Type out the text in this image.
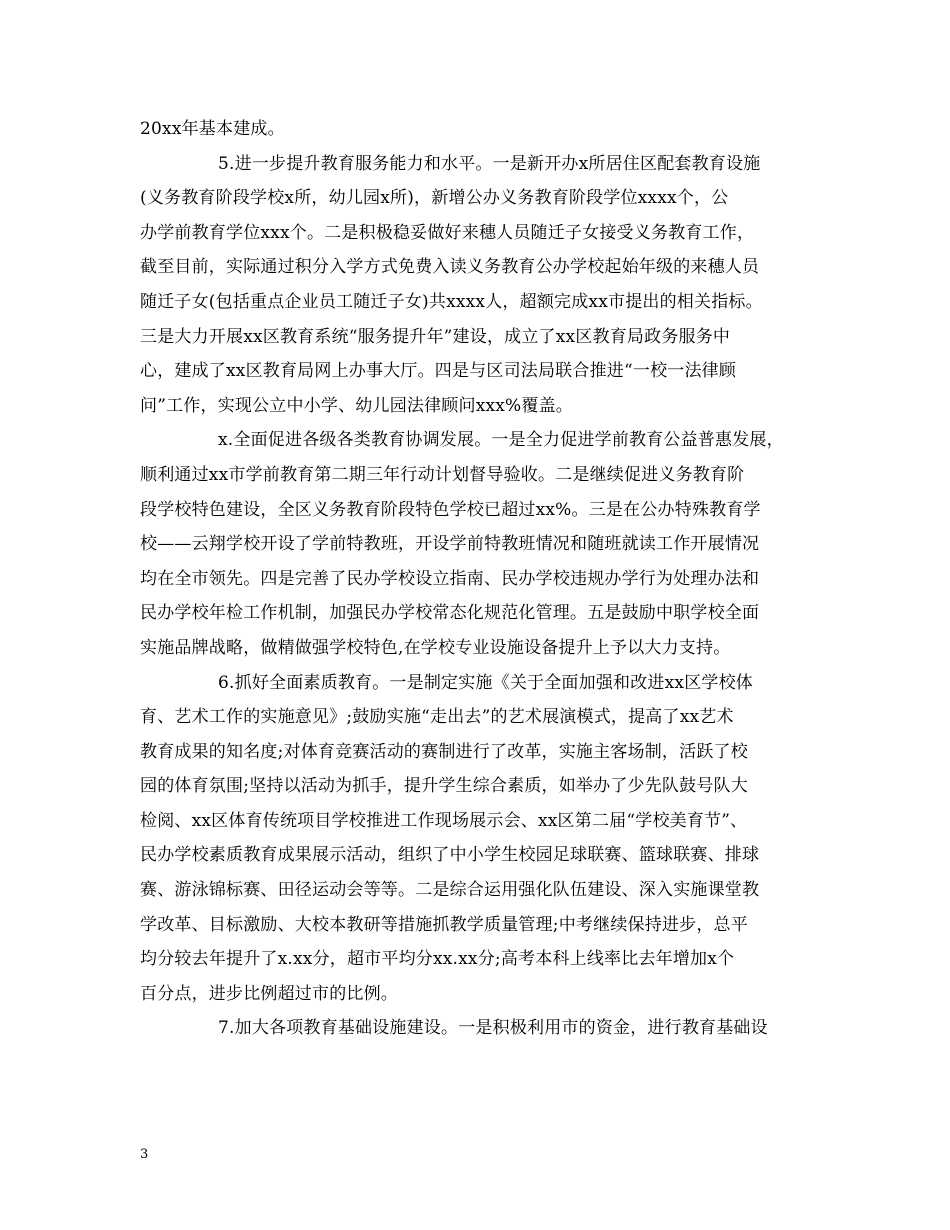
20xx年基本建成。
5.进一步提升教育服务能力和水平。一是新开办x所居住区配套教育设施
(义务教育阶段学校x所，幼儿园x所)，新增公办义务教育阶段学位xxxx个，公
办学前教育学位xxx个。二是积极稳妥做好来穗人员随迁子女接受义务教育工作，
截至目前，实际通过积分入学方式免费入读义务教育公办学校起始年级的来穗人员
随迁子女(包括重点企业员工随迁子女)共xxxx人，超额完成xx市提出的相关指标。
三是大力开展xx区教育系统“服务提升年”建设，成立了xx区教育局政务服务中
心，建成了xx区教育局网上办事大厅。四是与区司法局联合推进“一校一法律顾
问”工作，实现公立中小学、幼儿园法律顾问xxx%覆盖。
x.全面促进各级各类教育协调发展。一是全力促进学前教育公益普惠发展，
顺利通过xx市学前教育第二期三年行动计划督导验收。二是继续促进义务教育阶
段学校特色建设，全区义务教育阶段特色学校已超过xx%。三是在公办特殊教育学
校——云翔学校开设了学前特教班，开设学前特教班情况和随班就读工作开展情况
均在全市领先。四是完善了民办学校设立指南、民办学校违规办学行为处理办法和
民办学校年检工作机制，加强民办学校常态化规范化管理。五是鼓励中职学校全面
实施品牌战略，做精做强学校特色,在学校专业设施设备提升上予以大力支持。
6.抓好全面素质教育。一是制定实施《关于全面加强和改进xx区学校体
育、艺术工作的实施意见》;鼓励实施“走出去”的艺术展演模式，提高了xx艺术
教育成果的知名度;对体育竞赛活动的赛制进行了改革，实施主客场制，活跃了校
园的体育氛围;坚持以活动为抓手，提升学生综合素质，如举办了少先队鼓号队大
检阅、xx区体育传统项目学校推进工作现场展示会、xx区第二届“学校美育节”、
民办学校素质教育成果展示活动，组织了中小学生校园足球联赛、篮球联赛、排球
赛、游泳锦标赛、田径运动会等等。二是综合运用强化队伍建设、深入实施课堂教
学改革、目标激励、大校本教研等措施抓教学质量管理;中考继续保持进步，总平
均分较去年提升了x.xx分，超市平均分xx.xx分;高考本科上线率比去年增加x个
百分点，进步比例超过市的比例。
7.加大各项教育基础设施建设。一是积极利用市的资金，进行教育基础设
3
